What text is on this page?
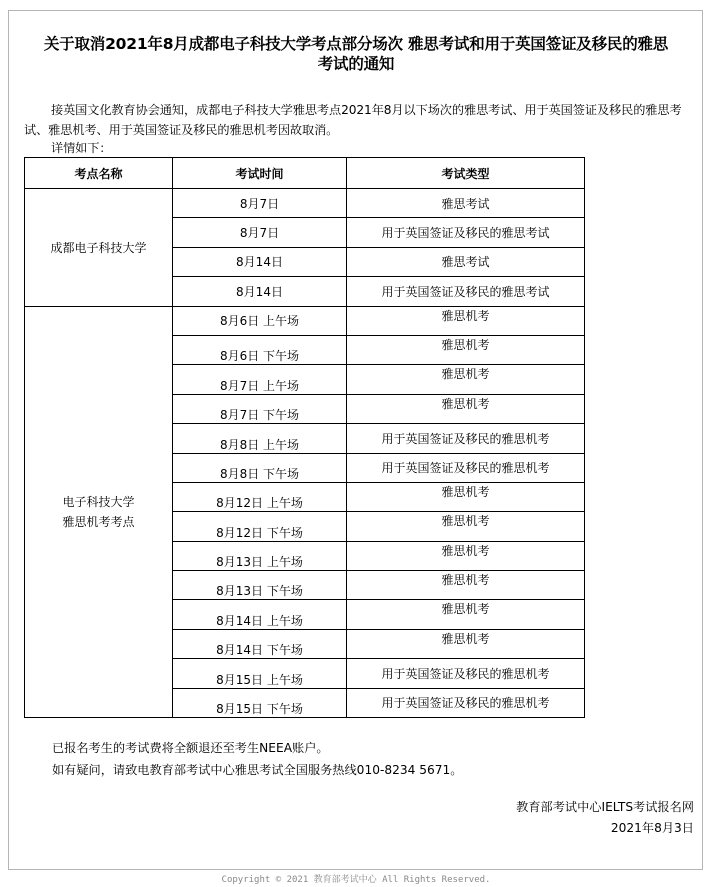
关于取消2021年8月成都电子科技大学考点部分场次 雅思考试和用于英国签证及移民的雅思
考试的通知
接英国文化教育协会通知，成都电子科技大学雅思考点2021年8月以下场次的雅思考试、用于英国签证及移民的雅思考试、雅思机考、用于英国签证及移民的雅思机考因故取消。
详情如下：
考点名称	考试时间	考试类型
成都电子科技大学	8月7日	雅思考试
	8月7日	用于英国签证及移民的雅思考试
	8月14日	雅思考试
	8月14日	用于英国签证及移民的雅思考试

电子科技大学
雅思机考考点	8月6日 上午场	雅思机考
	8月6日 下午场	雅思机考
	8月7日 上午场	雅思机考
	8月7日 下午场	雅思机考
	8月8日 上午场	用于英国签证及移民的雅思机考
	8月8日 下午场	用于英国签证及移民的雅思机考
	8月12日 上午场	雅思机考
	8月12日 下午场	雅思机考
	8月13日 上午场	雅思机考
	8月13日 下午场	雅思机考
	8月14日 上午场	雅思机考
	8月14日 下午场	雅思机考
	8月15日 上午场	用于英国签证及移民的雅思机考
	8月15日 下午场	用于英国签证及移民的雅思机考
已报名考生的考试费将全额退还至考生NEEA账户。
如有疑问，请致电教育部考试中心雅思考试全国服务热线010-8234 5671。
教育部考试中心IELTS考试报名网
2021年8月3日
Copyright © 2021 教育部考试中心 All Rights Reserved.
